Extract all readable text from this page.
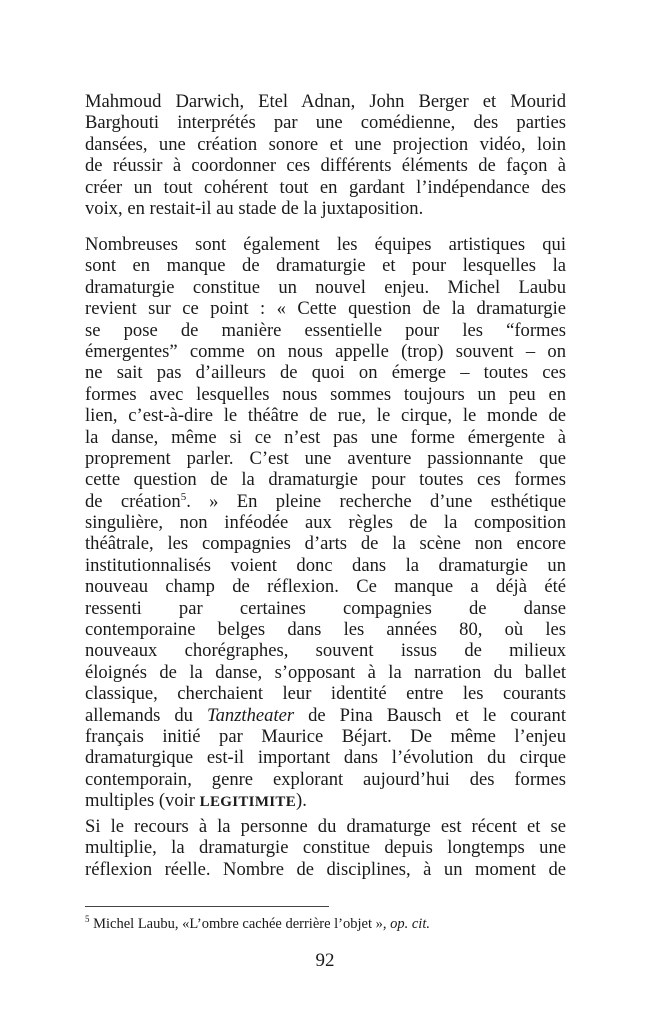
Mahmoud Darwich, Etel Adnan, John Berger et Mourid
Barghouti interprétés par une comédienne, des parties
dansées, une création sonore et une projection vidéo, loin
de réussir à coordonner ces différents éléments de façon à
créer un tout cohérent tout en gardant l’indépendance des
voix, en restait-il au stade de la juxtaposition.
Nombreuses sont également les équipes artistiques qui
sont en manque de dramaturgie et pour lesquelles la
dramaturgie constitue un nouvel enjeu. Michel Laubu
revient sur ce point : « Cette question de la dramaturgie
se pose de manière essentielle pour les “formes
émergentes” comme on nous appelle (trop) souvent – on
ne sait pas d’ailleurs de quoi on émerge – toutes ces
formes avec lesquelles nous sommes toujours un peu en
lien, c’est-à-dire le théâtre de rue, le cirque, le monde de
la danse, même si ce n’est pas une forme émergente à
proprement parler. C’est une aventure passionnante que
cette question de la dramaturgie pour toutes ces formes
de création$^5$. » En pleine recherche d’une esthétique
singulière, non inféodée aux règles de la composition
théâtrale, les compagnies d’arts de la scène non encore
institutionnalisés voient donc dans la dramaturgie un
nouveau champ de réflexion. Ce manque a déjà été
ressenti par certaines compagnies de danse
contemporaine belges dans les années 80, où les
nouveaux chorégraphes, souvent issus de milieux
éloignés de la danse, s’opposant à la narration du ballet
classique, cherchaient leur identité entre les courants
allemands du Tanztheater de Pina Bausch et le courant
français initié par Maurice Béjart. De même l’enjeu
dramaturgique est-il important dans l’évolution du cirque
contemporain, genre explorant aujourd’hui des formes
multiples (voir LEGITIMITE).
Si le recours à la personne du dramaturge est récent et se
multiplie, la dramaturgie constitue depuis longtemps une
réflexion réelle. Nombre de disciplines, à un moment de
$^5$ Michel Laubu, «L’ombre cachée derrière l’objet », op. cit.
92
